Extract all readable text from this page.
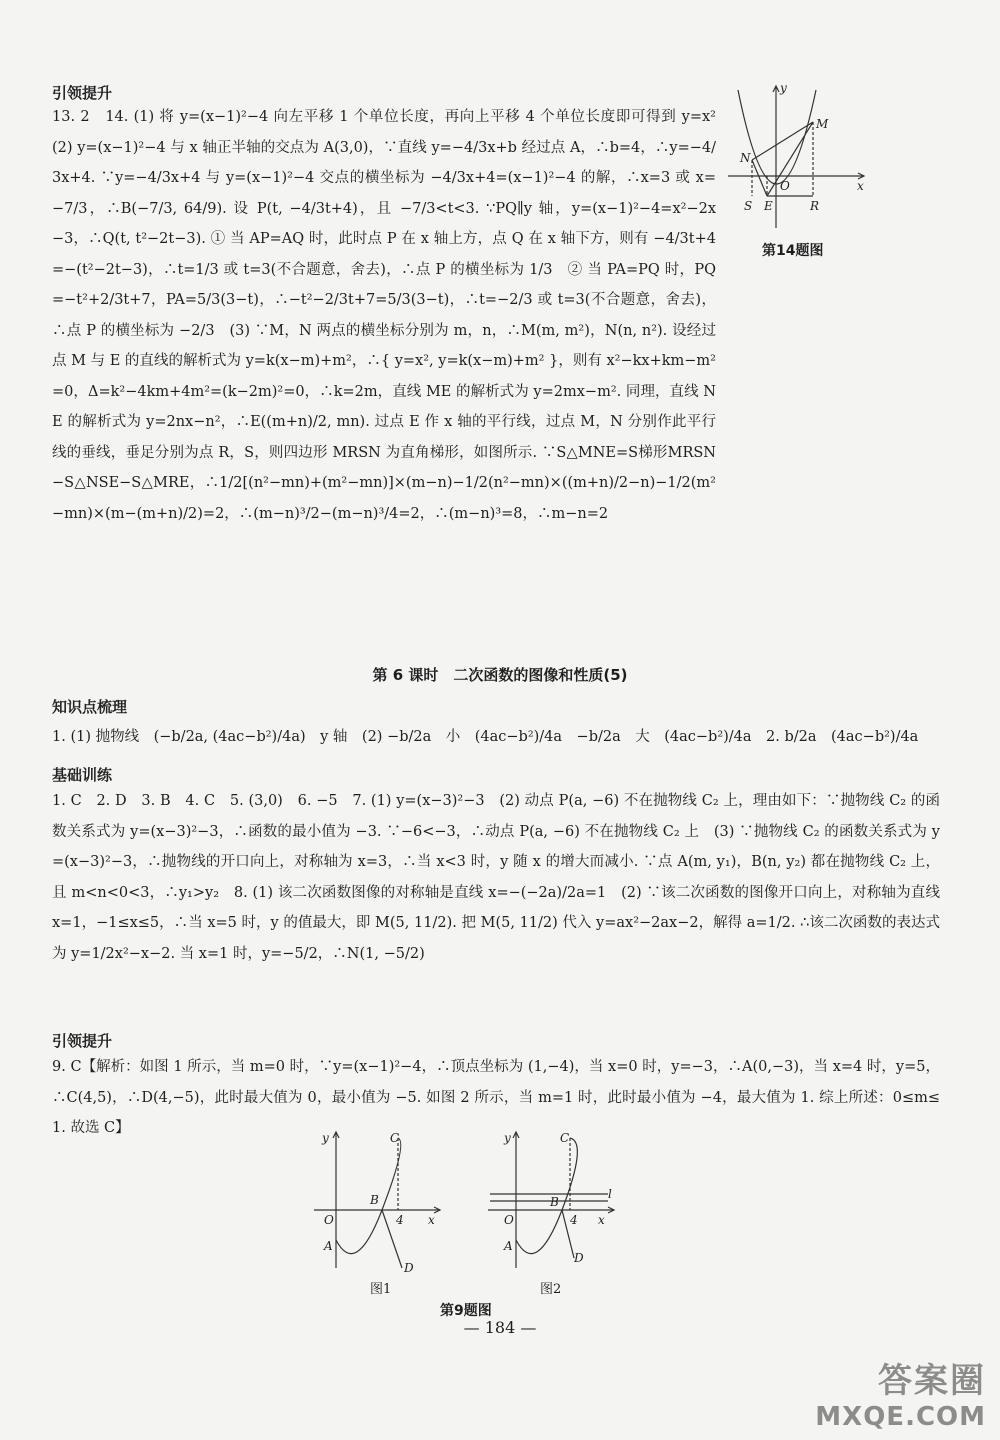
引领提升

13. 2　14. (1) 将 y=(x−1)²−4 向左平移 1 个单位长度，再向上平移 4 个单位长度即可得到 y=x²　(2) y=(x−1)²−4 与 x 轴正半轴的交点为 A(3,0)，∵直线 y=−4/3x+b 经过点 A，∴b=4，∴y=−4/3x+4. ∵y=−4/3x+4 与 y=(x−1)²−4 交点的横坐标为 −4/3x+4=(x−1)²−4 的解，∴x=3 或 x=−7/3，∴B(−7/3, 64/9). 设 P(t, −4/3t+4)，且 −7/3<t<3. ∵PQ∥y 轴，y=(x−1)²−4=x²−2x−3，∴Q(t, t²−2t−3). ① 当 AP=AQ 时，此时点 P 在 x 轴上方，点 Q 在 x 轴下方，则有 −4/3t+4=−(t²−2t−3)，∴t=1/3 或 t=3(不合题意，舍去)，∴点 P 的横坐标为 1/3　② 当 PA=PQ 时，PQ=−t²+2/3t+7，PA=5/3(3−t)，∴−t²−2/3t+7=5/3(3−t)，∴t=−2/3 或 t=3(不合题意，舍去)，∴点 P 的横坐标为 −2/3　(3) ∵M，N 两点的横坐标分别为 m，n，∴M(m, m²)，N(n, n²). 设经过点 M 与 E 的直线的解析式为 y=k(x−m)+m²，∴{ y=x², y=k(x−m)+m² }，则有 x²−kx+km−m²=0，Δ=k²−4km+4m²=(k−2m)²=0，∴k=2m，直线 ME 的解析式为 y=2mx−m². 同理，直线 NE 的解析式为 y=2nx−n²，∴E((m+n)/2, mn). 过点 E 作 x 轴的平行线，过点 M，N 分别作此平行线的垂线，垂足分别为点 R，S，则四边形 MRSN 为直角梯形，如图所示. ∵S△MNE=S梯形MRSN−S△NSE−S△MRE，∴1/2[(n²−mn)+(m²−mn)]×(m−n)−1/2(n²−mn)×((m+n)/2−n)−1/2(m²−mn)×(m−(m+n)/2)=2，∴(m−n)³/2−(m−n)³/4=2，∴(m−n)³=8，∴m−n=2

y
x
M
N
O
S E	R
第14题图
第 6 课时　二次函数的图像和性质(5)
知识点梳理

1. (1) 抛物线　(−b/2a, (4ac−b²)/4a)　y 轴　(2) −b/2a　小　(4ac−b²)/4a　−b/2a　大　(4ac−b²)/4a　2. b/2a　(4ac−b²)/4a

基础训练

1. C　2. D　3. B　4. C　5. (3,0)　6. −5　7. (1) y=(x−3)²−3　(2) 动点 P(a, −6) 不在抛物线 C₂ 上，理由如下：∵抛物线 C₂ 的函数关系式为 y=(x−3)²−3，∴函数的最小值为 −3. ∵−6<−3，∴动点 P(a, −6) 不在抛物线 C₂ 上　(3) ∵抛物线 C₂ 的函数关系式为 y=(x−3)²−3，∴抛物线的开口向上，对称轴为 x=3，∴当 x<3 时，y 随 x 的增大而减小. ∵点 A(m, y₁)，B(n, y₂) 都在抛物线 C₂ 上，且 m<n<0<3，∴y₁>y₂　8. (1) 该二次函数图像的对称轴是直线 x=−(−2a)/2a=1　(2) ∵该二次函数的图像开口向上，对称轴为直线 x=1，−1≤x≤5，∴当 x=5 时，y 的值最大，即 M(5, 11/2). 把 M(5, 11/2) 代入 y=ax²−2ax−2，解得 a=1/2. ∴该二次函数的表达式为 y=1/2x²−x−2. 当 x=1 时，y=−5/2，∴N(1, −5/2)

引领提升

9. C【解析：如图 1 所示，当 m=0 时，∵y=(x−1)²−4，∴顶点坐标为 (1,−4)，当 x=0 时，y=−3，∴A(0,−3)，当 x=4 时，y=5，∴C(4,5)，∴D(4,−5)，此时最大值为 0，最小值为 −5. 如图 2 所示，当 m=1 时，此时最小值为 −4，最大值为 1. 综上所述：0≤m≤1. 故选 C】

y
x
C
B
O	4
A
D
图1
y
x
C
B
O	4
A
D
l
图2
第9题图
— 184 —
答案圈
MXQE.COM
